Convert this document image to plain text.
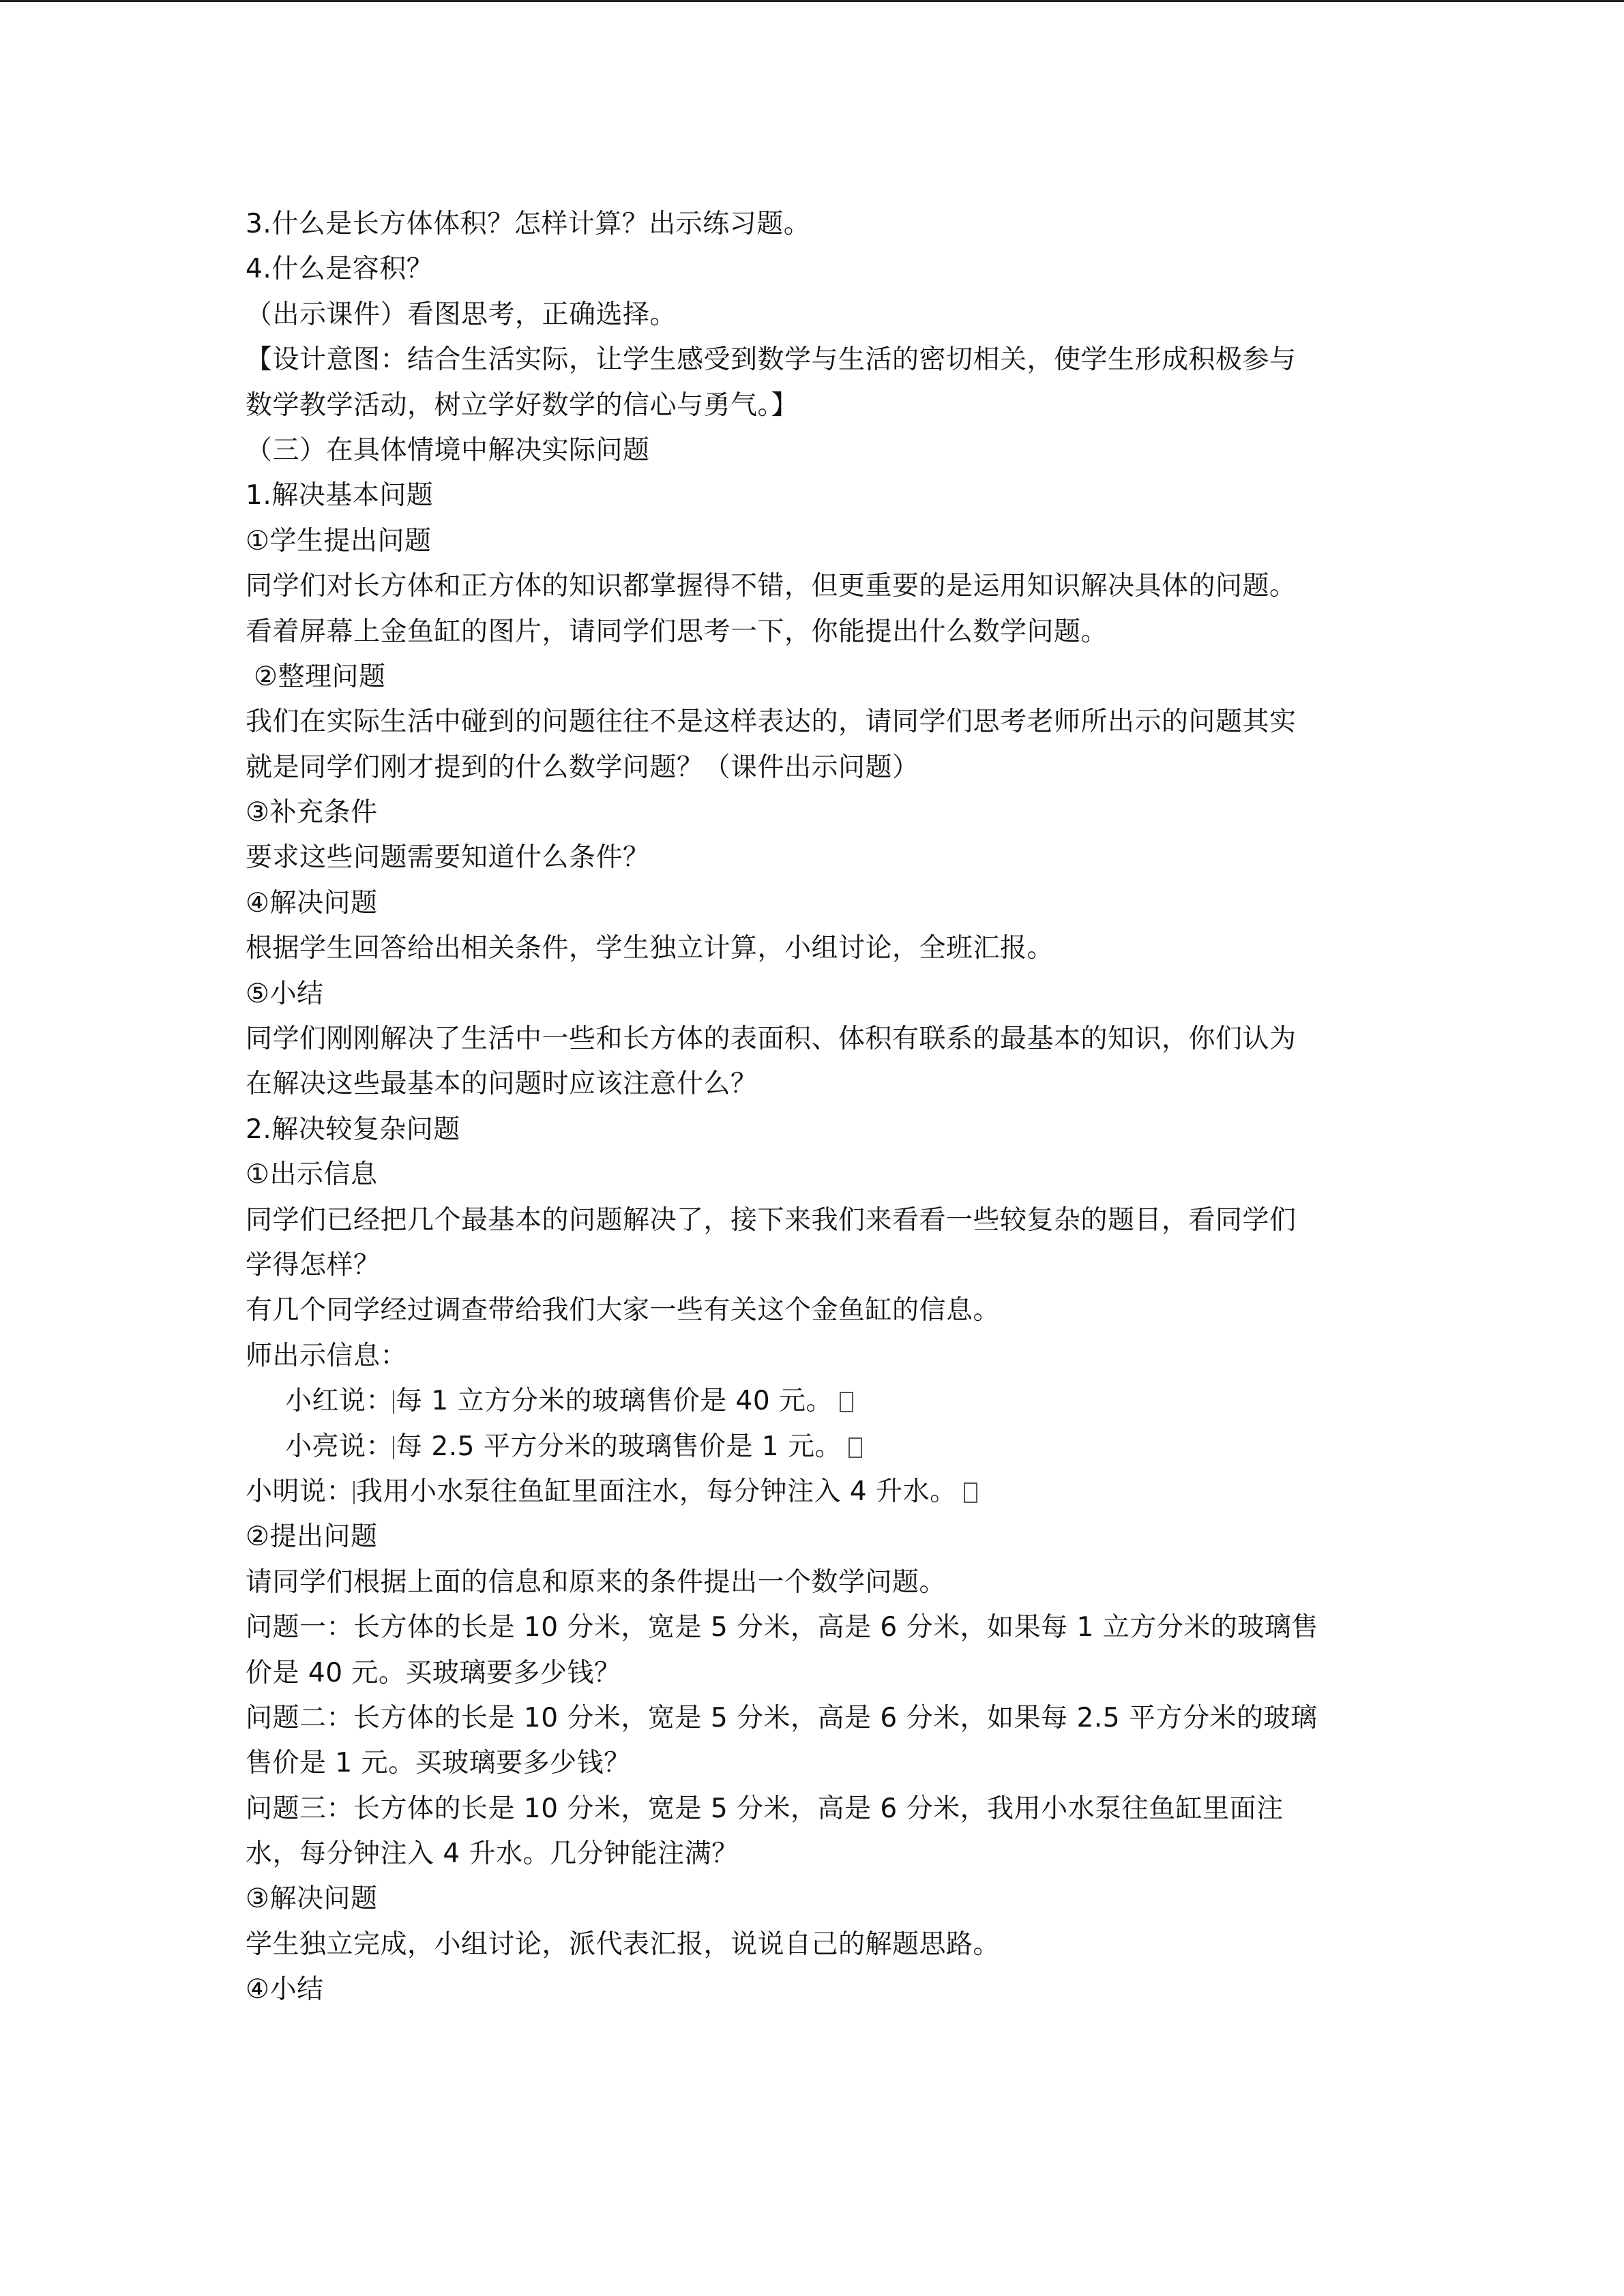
3.什么是长方体体积？怎样计算？出示练习题。
4.什么是容积？
（出示课件）看图思考，正确选择。
【设计意图：结合生活实际，让学生感受到数学与生活的密切相关，使学生形成积极参与
数学教学活动，树立学好数学的信心与勇气。】
（三）在具体情境中解决实际问题
1.解决基本问题
①学生提出问题
同学们对长方体和正方体的知识都掌握得不错，但更重要的是运用知识解决具体的问题。
看着屏幕上金鱼缸的图片，请同学们思考一下，你能提出什么数学问题。
②整理问题
我们在实际生活中碰到的问题往往不是这样表达的，请同学们思考老师所出示的问题其实
就是同学们刚才提到的什么数学问题？（课件出示问题）
③补充条件
要求这些问题需要知道什么条件？
④解决问题
根据学生回答给出相关条件，学生独立计算，小组讨论，全班汇报。
⑤小结
同学们刚刚解决了生活中一些和长方体的表面积、体积有联系的最基本的知识，你们认为
在解决这些最基本的问题时应该注意什么？
2.解决较复杂问题
①出示信息
同学们已经把几个最基本的问题解决了，接下来我们来看看一些较复杂的题目，看同学们
学得怎样？
有几个同学经过调查带给我们大家一些有关这个金鱼缸的信息。
师出示信息：
小红说： 每 1 立方分米的玻璃售价是 40 元。
小亮说： 每 2.5 平方分米的玻璃售价是 1 元。
小明说： 我用小水泵往鱼缸里面注水，每分钟注入 4 升水。
②提出问题
请同学们根据上面的信息和原来的条件提出一个数学问题。
问题一：长方体的长是 10 分米，宽是 5 分米，高是 6 分米，如果每 1 立方分米的玻璃售
价是 40 元。买玻璃要多少钱？
问题二：长方体的长是 10 分米，宽是 5 分米，高是 6 分米，如果每 2.5 平方分米的玻璃
售价是 1 元。买玻璃要多少钱？
问题三：长方体的长是 10 分米，宽是 5 分米，高是 6 分米，我用小水泵往鱼缸里面注
水，每分钟注入 4 升水。几分钟能注满？
③解决问题
学生独立完成，小组讨论，派代表汇报，说说自己的解题思路。
④小结
